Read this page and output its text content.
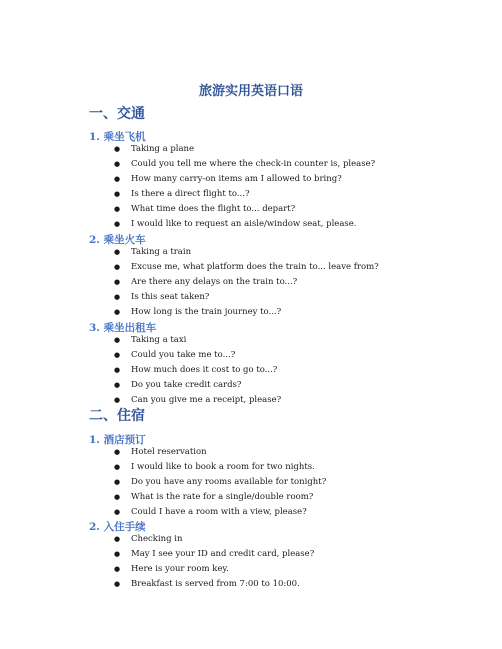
旅游实用英语口语
一、交通
1. 乘坐飞机
● Taking a plane
● Could you tell me where the check-in counter is, please?
● How many carry-on items am I allowed to bring?
● Is there a direct flight to...?
● What time does the flight to... depart?
● I would like to request an aisle/window seat, please.
2. 乘坐火车
● Taking a train
● Excuse me, what platform does the train to... leave from?
● Are there any delays on the train to...?
● Is this seat taken?
● How long is the train journey to...?
3. 乘坐出租车
● Taking a taxi
● Could you take me to...?
● How much does it cost to go to...?
● Do you take credit cards?
● Can you give me a receipt, please?
二、住宿
1. 酒店预订
● Hotel reservation
● I would like to book a room for two nights.
● Do you have any rooms available for tonight?
● What is the rate for a single/double room?
● Could I have a room with a view, please?
2. 入住手续
● Checking in
● May I see your ID and credit card, please?
● Here is your room key.
● Breakfast is served from 7:00 to 10:00.
